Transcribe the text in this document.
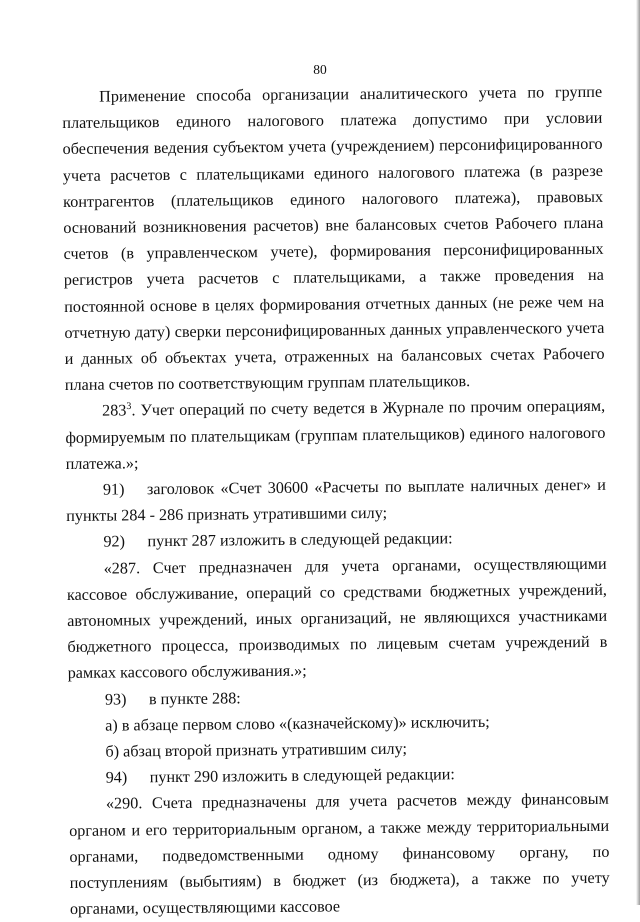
80

Применение способа организации аналитического учета по группе плательщиков единого налогового платежа допустимо при условии обеспечения ведения субъектом учета (учреждением) персонифицированного учета расчетов с плательщиками единого налогового платежа (в разрезе контрагентов (плательщиков единого налогового платежа), правовых оснований возникновения расчетов) вне балансовых счетов Рабочего плана счетов (в управленческом учете), формирования персонифицированных регистров учета расчетов с плательщиками, а также проведения на постоянной основе в целях формирования отчетных данных (не реже чем на отчетную дату) сверки персонифицированных данных управленческого учета и данных об объектах учета, отраженных на балансовых счетах Рабочего плана счетов по соответствующим группам плательщиков.

$283^3$. Учет операций по счету ведется в Журнале по прочим операциям, формируемым по плательщикам (группам плательщиков) единого налогового платежа.»;

91) заголовок «Счет 30600 «Расчеты по выплате наличных денег» и пункты 284 - 286 признать утратившими силу;

92) пункт 287 изложить в следующей редакции:

«287. Счет предназначен для учета органами, осуществляющими кассовое обслуживание, операций со средствами бюджетных учреждений, автономных учреждений, иных организаций, не являющихся участниками бюджетного процесса, производимых по лицевым счетам учреждений в рамках кассового обслуживания.»;

93) в пункте 288:

а) в абзаце первом слово «(казначейскому)» исключить;

б) абзац второй признать утратившим силу;

94) пункт 290 изложить в следующей редакции:

«290. Счета предназначены для учета расчетов между финансовым органом и его территориальным органом, а также между территориальными органами, подведомственными одному финансовому органу, по поступлениям (выбытиям) в бюджет (из бюджета), а также по учету органами, осуществляющими кассовое
